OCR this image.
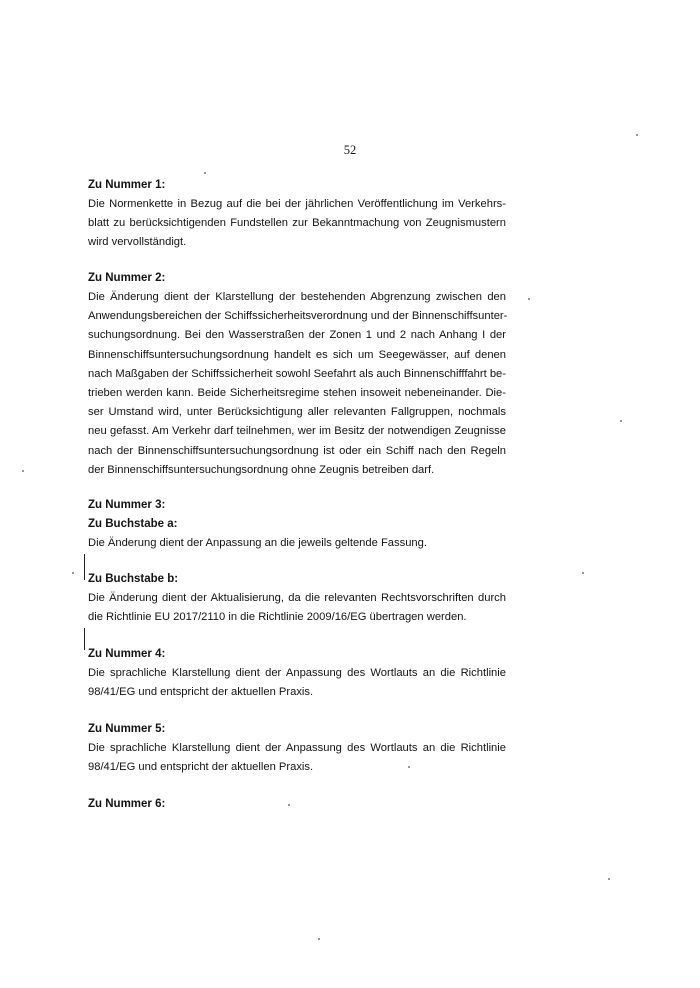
52
Zu Nummer 1:
Die Normenkette in Bezug auf die bei der jährlichen Veröffentlichung im Verkehrs-
blatt zu berücksichtigenden Fundstellen zur Bekanntmachung von Zeugnismustern
wird vervollständigt.
Zu Nummer 2:
Die Änderung dient der Klarstellung der bestehenden Abgrenzung zwischen den
Anwendungsbereichen der Schiffssicherheitsverordnung und der Binnenschiffsunter-
suchungsordnung. Bei den Wasserstraßen der Zonen 1 und 2 nach Anhang I der
Binnenschiffsuntersuchungsordnung handelt es sich um Seegewässer, auf denen
nach Maßgaben der Schiffssicherheit sowohl Seefahrt als auch Binnenschifffahrt be-
trieben werden kann. Beide Sicherheitsregime stehen insoweit nebeneinander. Die-
ser Umstand wird, unter Berücksichtigung aller relevanten Fallgruppen, nochmals
neu gefasst. Am Verkehr darf teilnehmen, wer im Besitz der notwendigen Zeugnisse
nach der Binnenschiffsuntersuchungsordnung ist oder ein Schiff nach den Regeln
der Binnenschiffsuntersuchungsordnung ohne Zeugnis betreiben darf.
Zu Nummer 3:
Zu Buchstabe a:
Die Änderung dient der Anpassung an die jeweils geltende Fassung.
Zu Buchstabe b:
Die Änderung dient der Aktualisierung, da die relevanten Rechtsvorschriften durch
die Richtlinie EU 2017/2110 in die Richtlinie 2009/16/EG übertragen werden.
Zu Nummer 4:
Die sprachliche Klarstellung dient der Anpassung des Wortlauts an die Richtlinie
98/41/EG und entspricht der aktuellen Praxis.
Zu Nummer 5:
Die sprachliche Klarstellung dient der Anpassung des Wortlauts an die Richtlinie
98/41/EG und entspricht der aktuellen Praxis.
Zu Nummer 6:
